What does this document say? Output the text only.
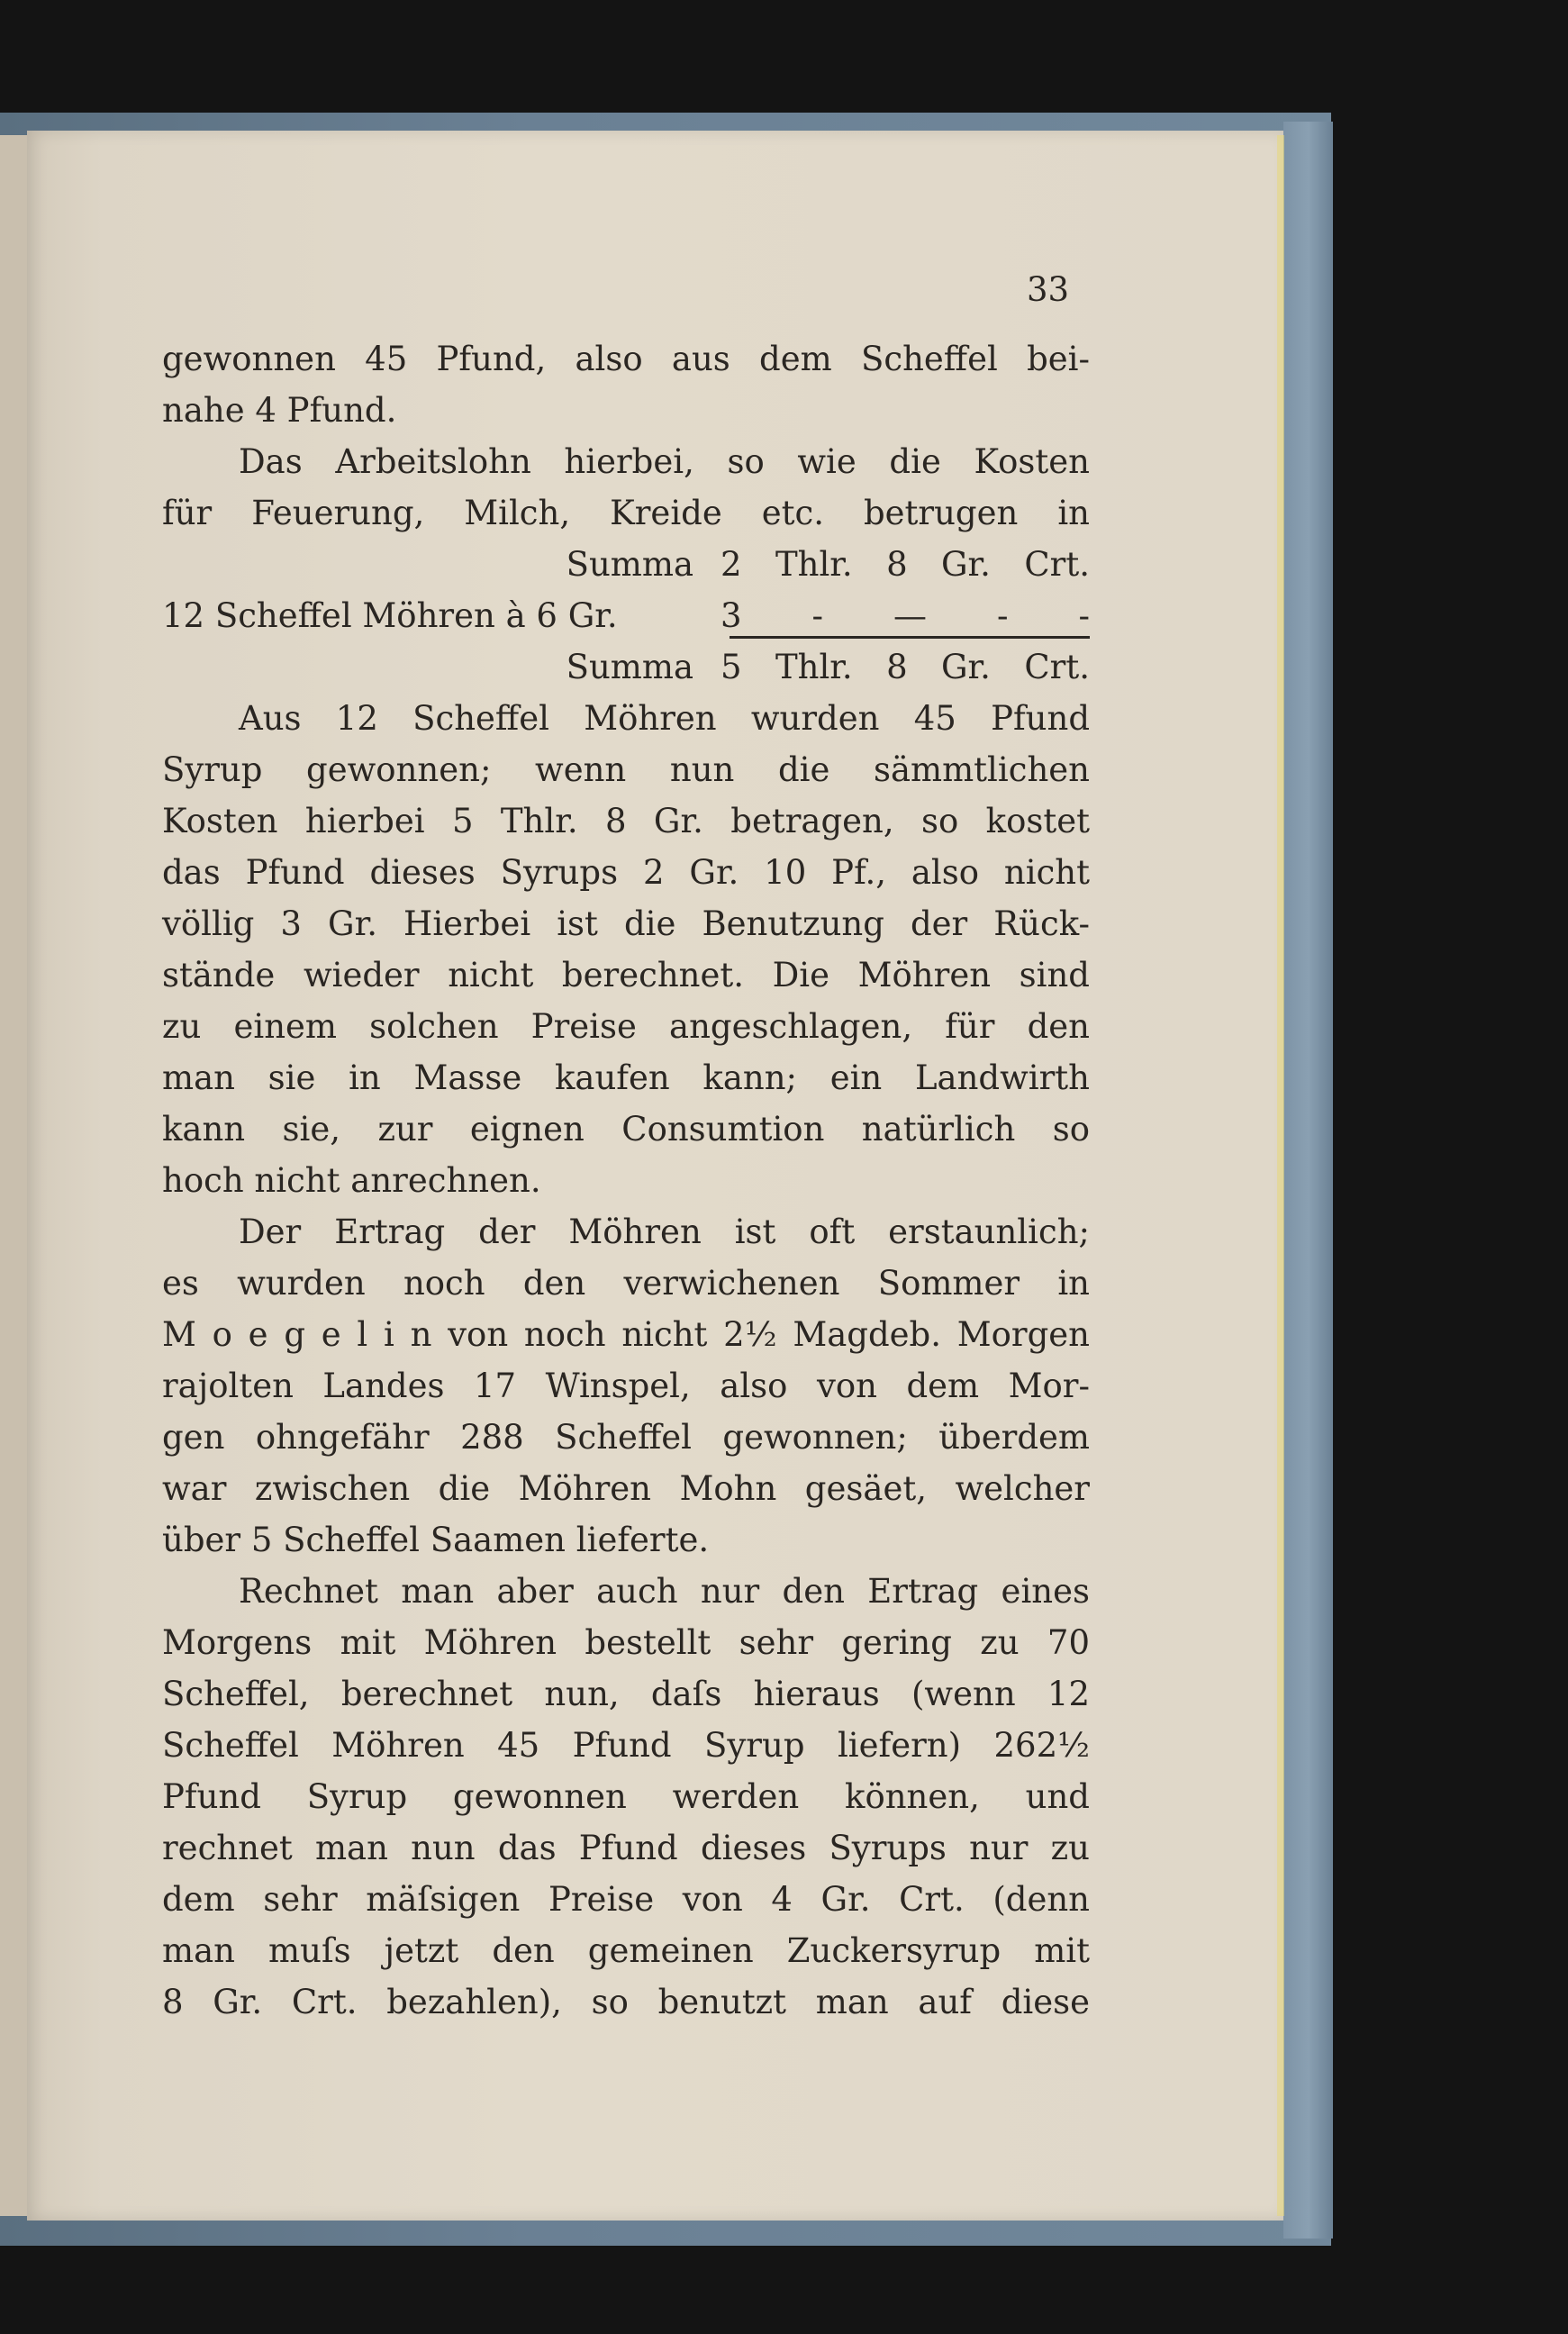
33
gewonnen 45 Pfund, also aus dem Scheffel bei-
nahe 4 Pfund.
Das Arbeitslohn hierbei, so wie die Kosten
für Feuerung, Milch, Kreide etc. betrugen in
Summa 2 Thlr. 8 Gr. Crt.
12 Scheffel Möhren à 6 Gr.	3 - — - -
Summa 5 Thlr. 8 Gr. Crt.
Aus 12 Scheffel Möhren wurden 45 Pfund
Syrup gewonnen; wenn nun die sämmtlichen
Kosten hierbei 5 Thlr. 8 Gr. betragen, so kostet
das Pfund dieses Syrups 2 Gr. 10 Pf., also nicht
völlig 3 Gr. Hierbei ist die Benutzung der Rück-
stände wieder nicht berechnet. Die Möhren sind
zu einem solchen Preise angeschlagen, für den
man sie in Masse kaufen kann; ein Landwirth
kann sie, zur eignen Consumtion natürlich so
hoch nicht anrechnen.
Der Ertrag der Möhren ist oft erstaunlich;
es wurden noch den verwichenen Sommer in
M o e g e l i n von noch nicht 2½ Magdeb. Morgen
rajolten Landes 17 Winspel, also von dem Mor-
gen ohngefähr 288 Scheffel gewonnen; überdem
war zwischen die Möhren Mohn gesäet, welcher
über 5 Scheffel Saamen lieferte.
Rechnet man aber auch nur den Ertrag eines
Morgens mit Möhren bestellt sehr gering zu 70
Scheffel, berechnet nun, daſs hieraus (wenn 12
Scheffel Möhren 45 Pfund Syrup liefern) 262½
Pfund Syrup gewonnen werden können, und
rechnet man nun das Pfund dieses Syrups nur zu
dem sehr mäſsigen Preise von 4 Gr. Crt. (denn
man muſs jetzt den gemeinen Zuckersyrup mit
8 Gr. Crt. bezahlen), so benutzt man auf diese
